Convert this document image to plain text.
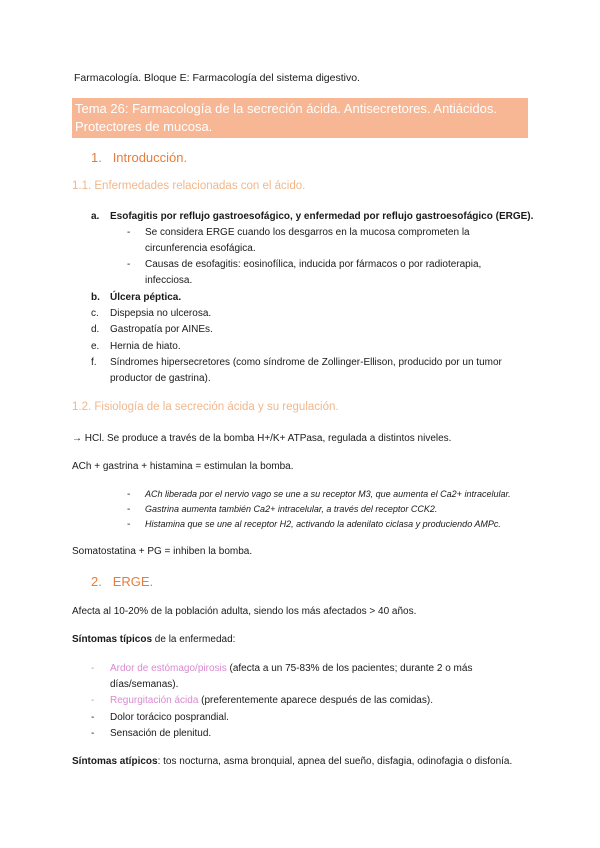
Farmacología. Bloque E: Farmacología del sistema digestivo.
Tema 26: Farmacología de la secreción ácida. Antisecretores. Antiácidos. Protectores de mucosa.
1. Introducción.
1.1. Enfermedades relacionadas con el ácido.
a. Esofagitis por reflujo gastroesofágico, y enfermedad por reflujo gastroesofágico (ERGE).
- Se considera ERGE cuando los desgarros en la mucosa comprometen la
circunferencia esofágica.
- Causas de esofagitis: eosinofílica, inducida por fármacos o por radioterapia,
infecciosa.
b. Úlcera péptica.
c. Dispepsia no ulcerosa.
d. Gastropatía por AINEs.
e. Hernia de hiato.
f. Síndromes hipersecretores (como síndrome de Zollinger-Ellison, producido por un tumor
productor de gastrina).
1.2. Fisiología de la secreción ácida y su regulación.
→ HCl. Se produce a través de la bomba H+/K+ ATPasa, regulada a distintos niveles.
ACh + gastrina + histamina = estimulan la bomba.
- ACh liberada por el nervio vago se une a su receptor M3, que aumenta el Ca2+ intracelular.
- Gastrina aumenta también Ca2+ intracelular, a través del receptor CCK2.
- Histamina que se une al receptor H2, activando la adenilato ciclasa y produciendo AMPc.
Somatostatina + PG = inhiben la bomba.
2. ERGE.
Afecta al 10-20% de la población adulta, siendo los más afectados > 40 años.
Síntomas típicos de la enfermedad:
- Ardor de estómago/pirosis (afecta a un 75-83% de los pacientes; durante 2 o más
días/semanas).
- Regurgitación ácida (preferentemente aparece después de las comidas).
- Dolor torácico posprandial.
- Sensación de plenitud.
Síntomas atípicos: tos nocturna, asma bronquial, apnea del sueño, disfagia, odinofagia o disfonía.
